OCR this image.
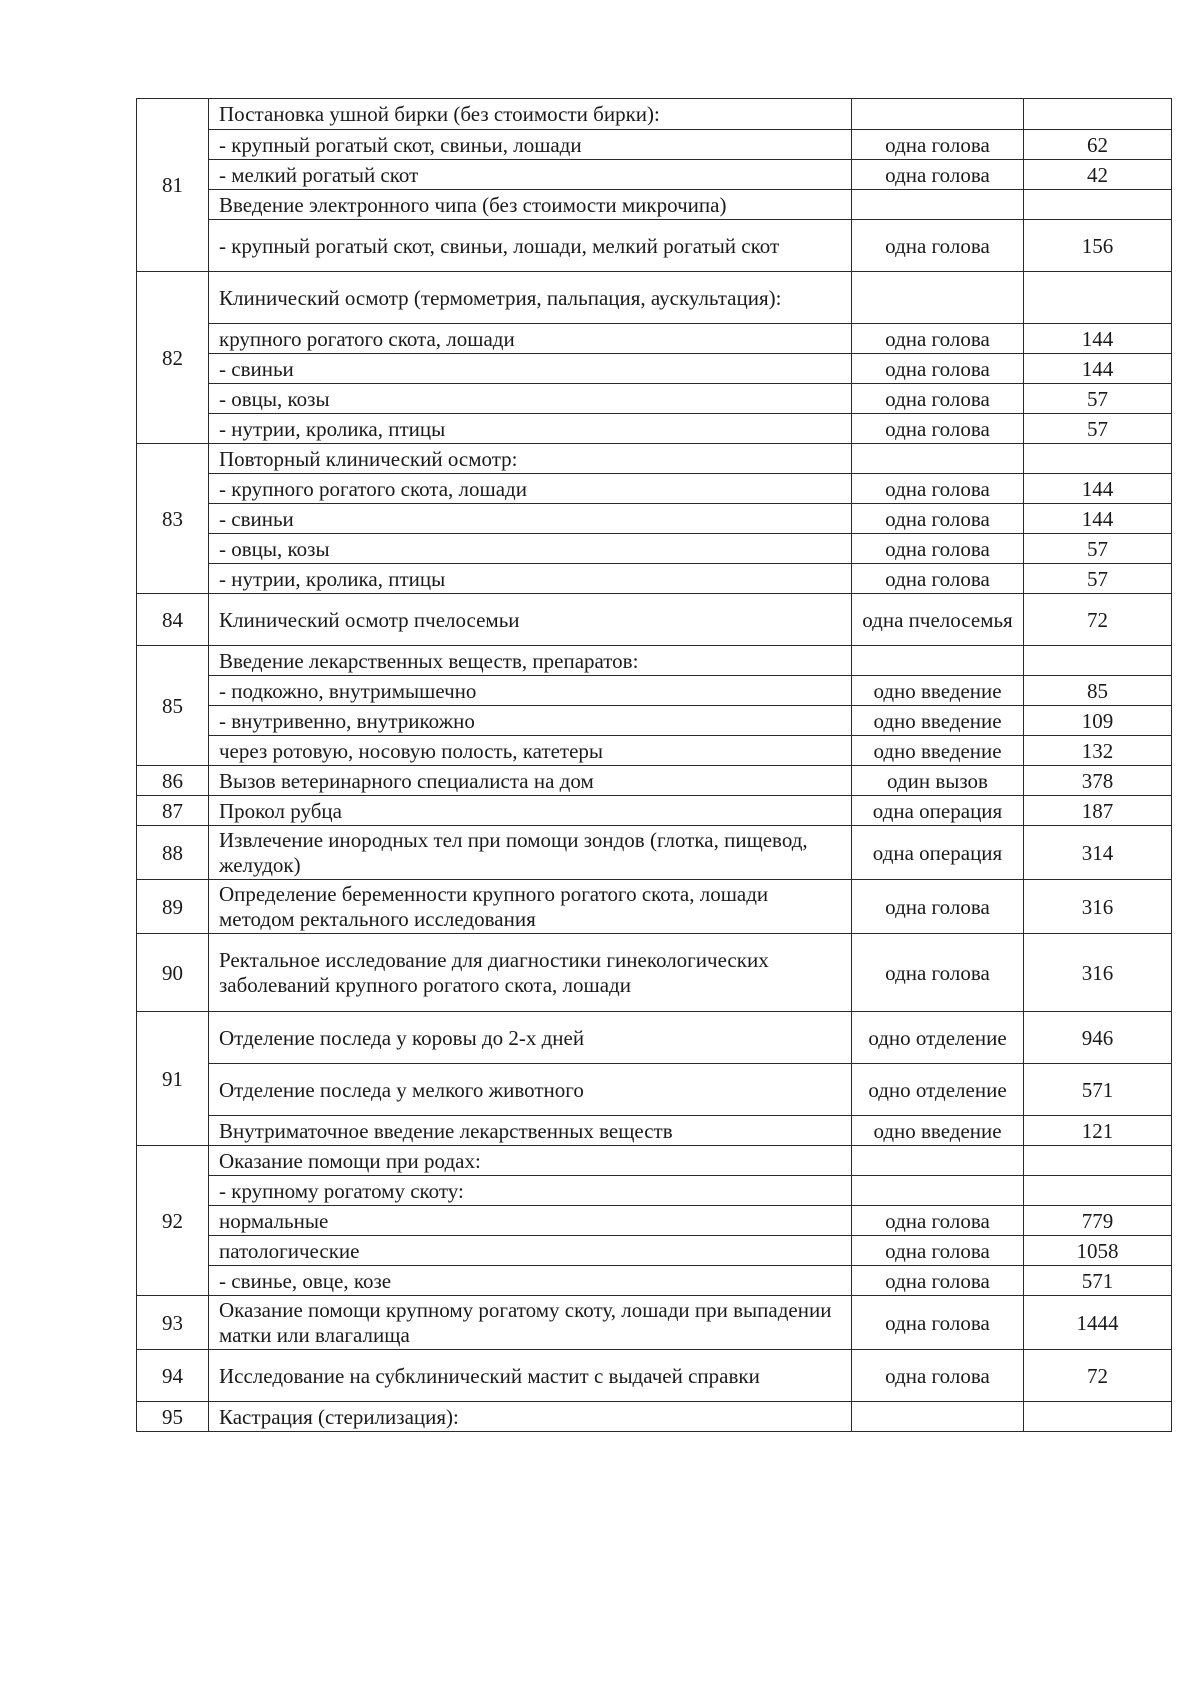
81	Постановка ушной бирки (без стоимости бирки):		
	- крупный рогатый скот, свиньи, лошади	одна голова	62
	- мелкий рогатый скот	одна голова	42
	Введение электронного чипа (без стоимости микрочипа)		
	- крупный рогатый скот, свиньи, лошади, мелкий рогатый скот	одна голова	156
82	Клинический осмотр (термометрия, пальпация, аускультация):		
	крупного рогатого скота, лошади	одна голова	144
	- свиньи	одна голова	144
	- овцы, козы	одна голова	57
	- нутрии, кролика, птицы	одна голова	57
83	Повторный клинический осмотр:		
	- крупного рогатого скота, лошади	одна голова	144
	- свиньи	одна голова	144
	- овцы, козы	одна голова	57
	- нутрии, кролика, птицы	одна голова	57
84	Клинический осмотр пчелосемьи	одна пчелосемья	72
85	Введение лекарственных веществ, препаратов:		
	- подкожно, внутримышечно	одно введение	85
	- внутривенно, внутрикожно	одно введение	109
	через ротовую, носовую полость, катетеры	одно введение	132
86	Вызов ветеринарного специалиста на дом	один вызов	378
87	Прокол рубца	одна операция	187
88	Извлечение инородных тел при помощи зондов (глотка, пищевод, желудок)	одна операция	314
89	Определение беременности крупного рогатого скота, лошади методом ректального исследования	одна голова	316
90	Ректальное исследование для диагностики гинекологических заболеваний крупного рогатого скота, лошади	одна голова	316
91	Отделение последа у коровы до 2-х дней	одно отделение	946
	Отделение последа у мелкого животного	одно отделение	571
	Внутриматочное введение лекарственных веществ	одно введение	121
92	Оказание помощи при родах:		
	- крупному рогатому скоту:		
	нормальные	одна голова	779
	патологические	одна голова	1058
	- свинье, овце, козе	одна голова	571
93	Оказание помощи крупному рогатому скоту, лошади при выпадении матки или влагалища	одна голова	1444
94	Исследование на субклинический мастит с выдачей справки	одна голова	72
95	Кастрация (стерилизация):		
